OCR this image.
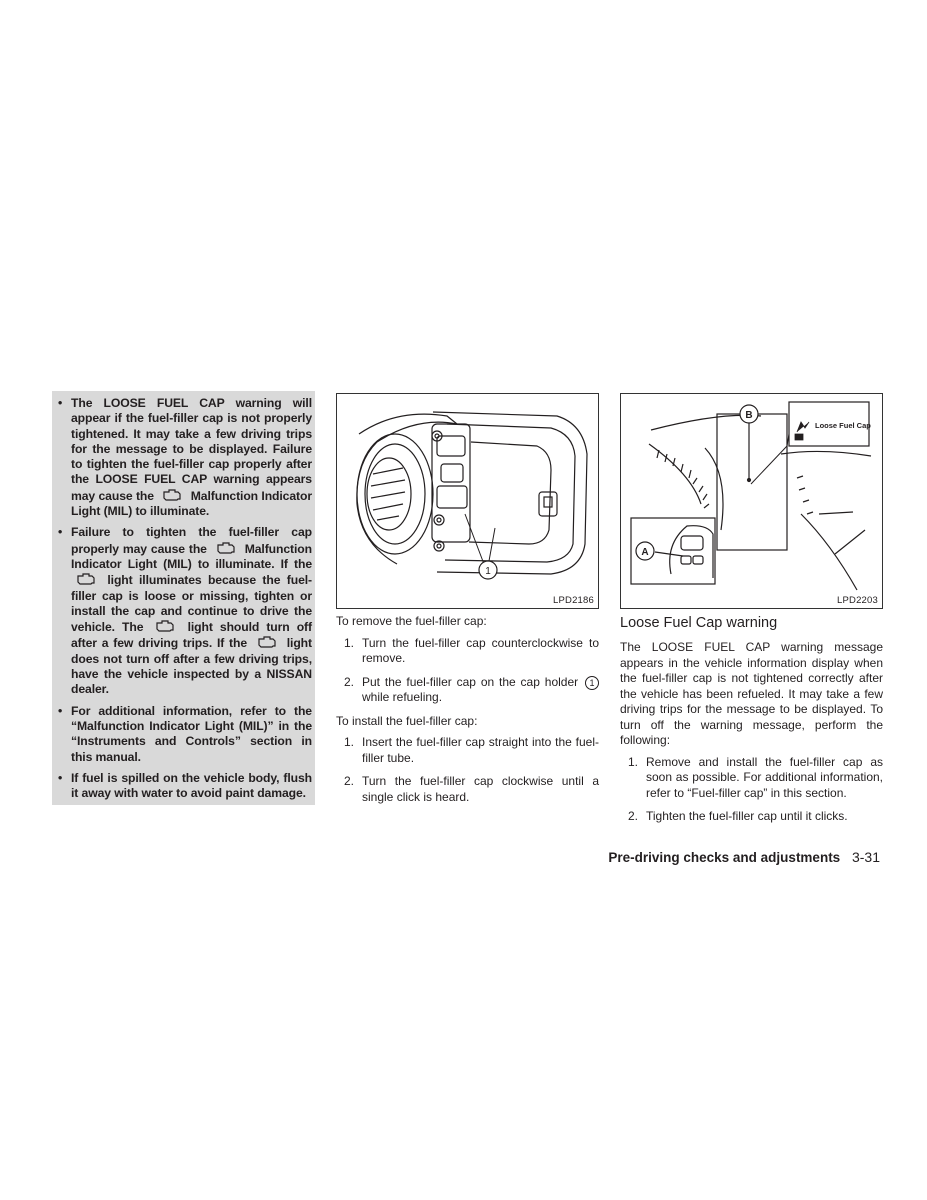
• The LOOSE FUEL CAP warning will appear if the fuel-filler cap is not properly tightened. It may take a few driving trips for the message to be displayed. Failure to tighten the fuel-filler cap properly after the LOOSE FUEL CAP warning appears may cause the	Malfunction Indicator Light (MIL) to illuminate.
• Failure to tighten the fuel-filler cap properly may cause the	Malfunction Indicator Light (MIL) to illuminate. If the  light illuminates because the fuel-filler cap is loose or missing, tighten or install the cap and continue to drive the vehicle. The	light should turn off after a few driving trips. If the	light does not turn off after a few driving trips, have the vehicle inspected by a NISSAN dealer.
• For additional information, refer to the “Malfunction Indicator Light (MIL)” in the “Instruments and Controls” section in this manual.
• If fuel is spilled on the vehicle body, flush it away with water to avoid paint damage.
1
LPD2186
B
A
Loose Fuel Cap
LPD2203

To remove the fuel-filler cap:

1. Turn the fuel-filler cap counterclockwise to remove.
2. Put the fuel-filler cap on the cap holder 1 while refueling.

To install the fuel-filler cap:

1. Insert the fuel-filler cap straight into the fuel-filler tube.
2. Turn the fuel-filler cap clockwise until a single click is heard.
Loose Fuel Cap warning

The LOOSE FUEL CAP warning message appears in the vehicle information display when the fuel-filler cap is not tightened correctly after the vehicle has been refueled. It may take a few driving trips for the message to be displayed. To turn off the warning message, perform the following:

1. Remove and install the fuel-filler cap as soon as possible. For additional information, refer to “Fuel-filler cap” in this section.
2. Tighten the fuel-filler cap until it clicks.
Pre-driving checks and adjustments 3-31
